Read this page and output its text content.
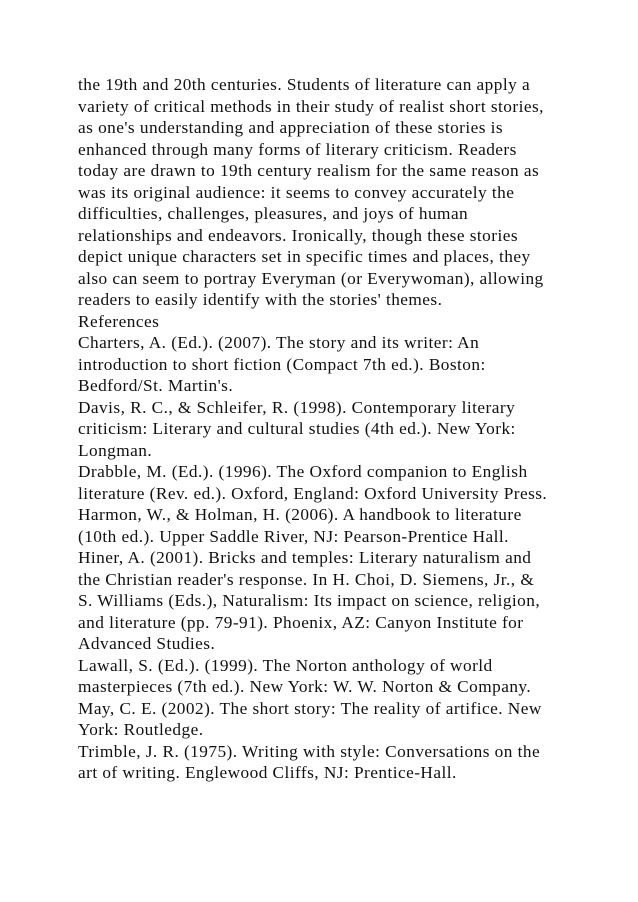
the 19th and 20th centuries. Students of literature can apply a
variety of critical methods in their study of realist short stories,
as one's understanding and appreciation of these stories is
enhanced through many forms of literary criticism. Readers
today are drawn to 19th century realism for the same reason as
was its original audience: it seems to convey accurately the
difficulties, challenges, pleasures, and joys of human
relationships and endeavors. Ironically, though these stories
depict unique characters set in specific times and places, they
also can seem to portray Everyman (or Everywoman), allowing
readers to easily identify with the stories' themes.
References
Charters, A. (Ed.). (2007). The story and its writer: An
introduction to short fiction (Compact 7th ed.). Boston:
Bedford/St. Martin's.
Davis, R. C., & Schleifer, R. (1998). Contemporary literary
criticism: Literary and cultural studies (4th ed.). New York:
Longman.
Drabble, M. (Ed.). (1996). The Oxford companion to English
literature (Rev. ed.). Oxford, England: Oxford University Press.
Harmon, W., & Holman, H. (2006). A handbook to literature
(10th ed.). Upper Saddle River, NJ: Pearson-Prentice Hall.
Hiner, A. (2001). Bricks and temples: Literary naturalism and
the Christian reader's response. In H. Choi, D. Siemens, Jr., &
S. Williams (Eds.), Naturalism: Its impact on science, religion,
and literature (pp. 79-91). Phoenix, AZ: Canyon Institute for
Advanced Studies.
Lawall, S. (Ed.). (1999). The Norton anthology of world
masterpieces (7th ed.). New York: W. W. Norton & Company.
May, C. E. (2002). The short story: The reality of artifice. New
York: Routledge.
Trimble, J. R. (1975). Writing with style: Conversations on the
art of writing. Englewood Cliffs, NJ: Prentice-Hall.
